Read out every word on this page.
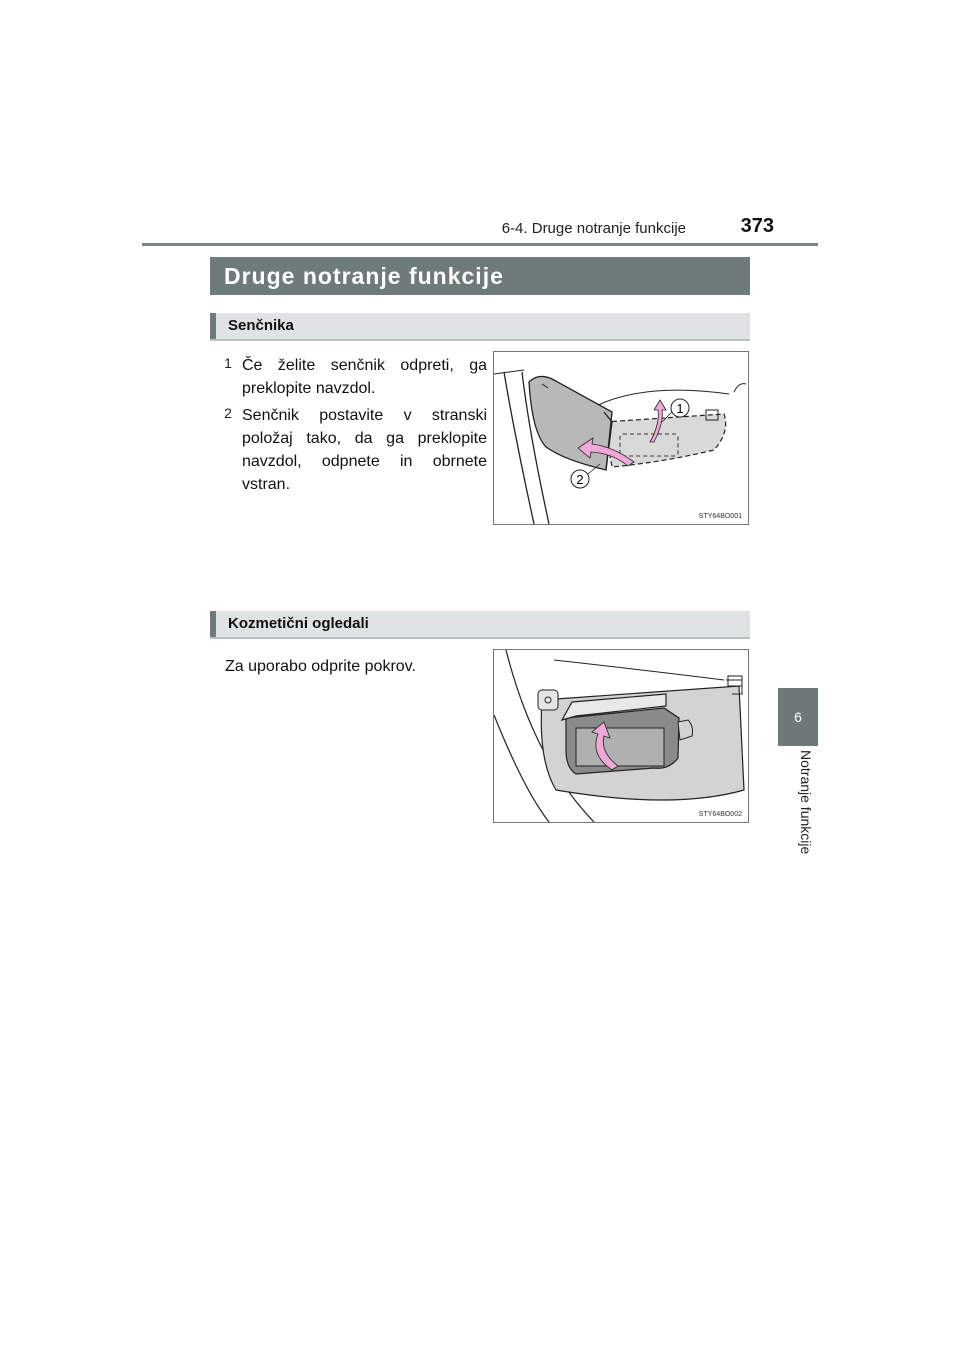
6-4. Druge notranje funkcije	373
6
Notranje funkcije
Druge notranje funkcije
Senčnika
1 Če želite senčnik odpreti, ga preklopite navzdol.
2 Senčnik postavite v stranski položaj tako, da ga preklopite navzdol, odpnete in obrnete vstran.
1
2
STY64BO001
Kozmetični ogledali
Za uporabo odprite pokrov.
STY64BO002
